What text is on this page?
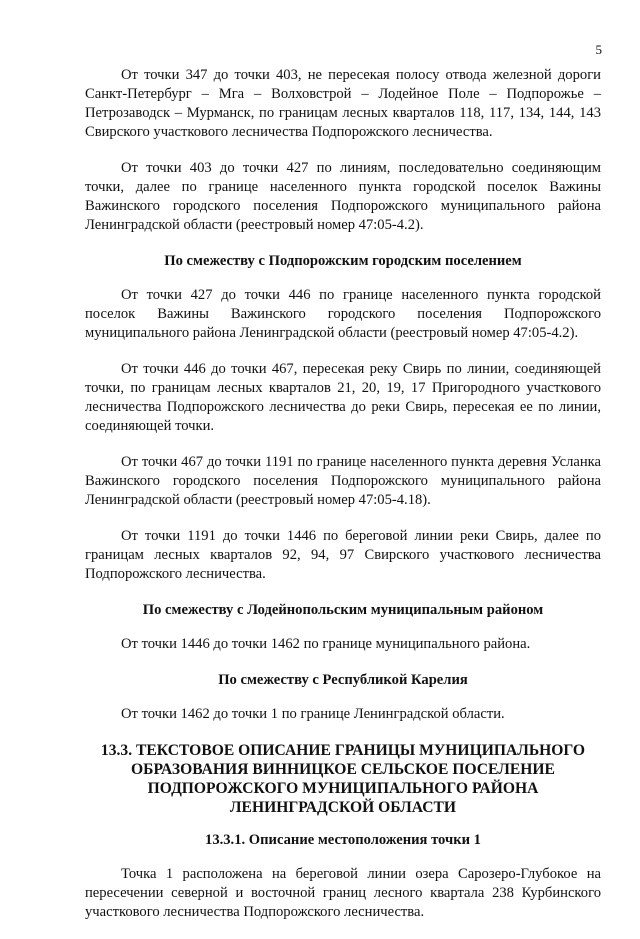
5

От точки 347 до точки 403, не пересекая полосу отвода железной дороги Санкт-Петербург – Мга – Волховстрой – Лодейное Поле – Подпорожье – Петрозаводск – Мурманск, по границам лесных кварталов 118, 117, 134, 144, 143 Свирского участкового лесничества Подпорожского лесничества.

От точки 403 до точки 427 по линиям, последовательно соединяющим точки, далее по границе населенного пункта городской поселок Важины Важинского городского поселения Подпорожского муниципального района Ленинградской области (реестровый номер 47:05-4.2).

По смежеству с Подпорожским городским поселением

От точки 427 до точки 446 по границе населенного пункта городской поселок Важины Важинского городского поселения Подпорожского муниципального района Ленинградской области (реестровый номер 47:05-4.2).

От точки 446 до точки 467, пересекая реку Свирь по линии, соединяющей точки, по границам лесных кварталов 21, 20, 19, 17 Пригородного участкового лесничества Подпорожского лесничества до реки Свирь, пересекая ее по линии, соединяющей точки.

От точки 467 до точки 1191 по границе населенного пункта деревня Усланка Важинского городского поселения Подпорожского муниципального района Ленинградской области (реестровый номер 47:05-4.18).

От точки 1191 до точки 1446 по береговой линии реки Свирь, далее по границам лесных кварталов 92, 94, 97 Свирского участкового лесничества Подпорожского лесничества.

По смежеству с Лодейнопольским муниципальным районом

От точки 1446 до точки 1462 по границе муниципального района.

По смежеству с Республикой Карелия

От точки 1462 до точки 1 по границе Ленинградской области.

13.3. ТЕКСТОВОЕ ОПИСАНИЕ ГРАНИЦЫ МУНИЦИПАЛЬНОГО ОБРАЗОВАНИЯ ВИННИЦКОЕ СЕЛЬСКОЕ ПОСЕЛЕНИЕ ПОДПОРОЖСКОГО МУНИЦИПАЛЬНОГО РАЙОНА ЛЕНИНГРАДСКОЙ ОБЛАСТИ
13.3.1. Описание местоположения точки 1

Точка 1 расположена на береговой линии озера Сарозеро-Глубокое на пересечении северной и восточной границ лесного квартала 238 Курбинского участкового лесничества Подпорожского лесничества.
